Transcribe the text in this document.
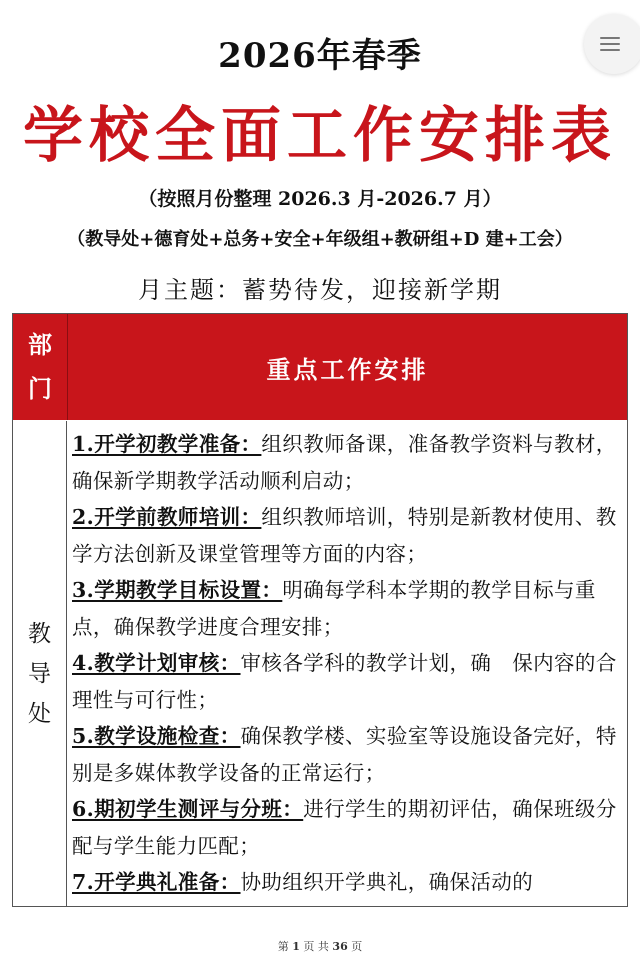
2026年春季
学校全面工作安排表
（按照月份整理 2026.3 月-2026.7 月）
（教导处+德育处+总务+安全+年级组+教研组+D 建+工会）
月主题：蓄势待发，迎接新学期
部
门
重点工作安排
教
导
处

1.开学初教学准备：组织教师备课，准备教学资料与教材，确保新学期教学活动顺利启动；

2.开学前教师培训：组织教师培训，特别是新教材使用、教学方法创新及课堂管理等方面的内容；

3.学期教学目标设置：明确每学科本学期的教学目标与重点，确保教学进度合理安排；

4.教学计划审核：审核各学科的教学计划，确　保内容的合理性与可行性；

5.教学设施检查：确保教学楼、实验室等设施设备完好，特别是多媒体教学设备的正常运行；

6.期初学生测评与分班：进行学生的期初评估，确保班级分配与学生能力匹配；

7.开学典礼准备：协助组织开学典礼，确保活动的

第 1 页 共 36 页
